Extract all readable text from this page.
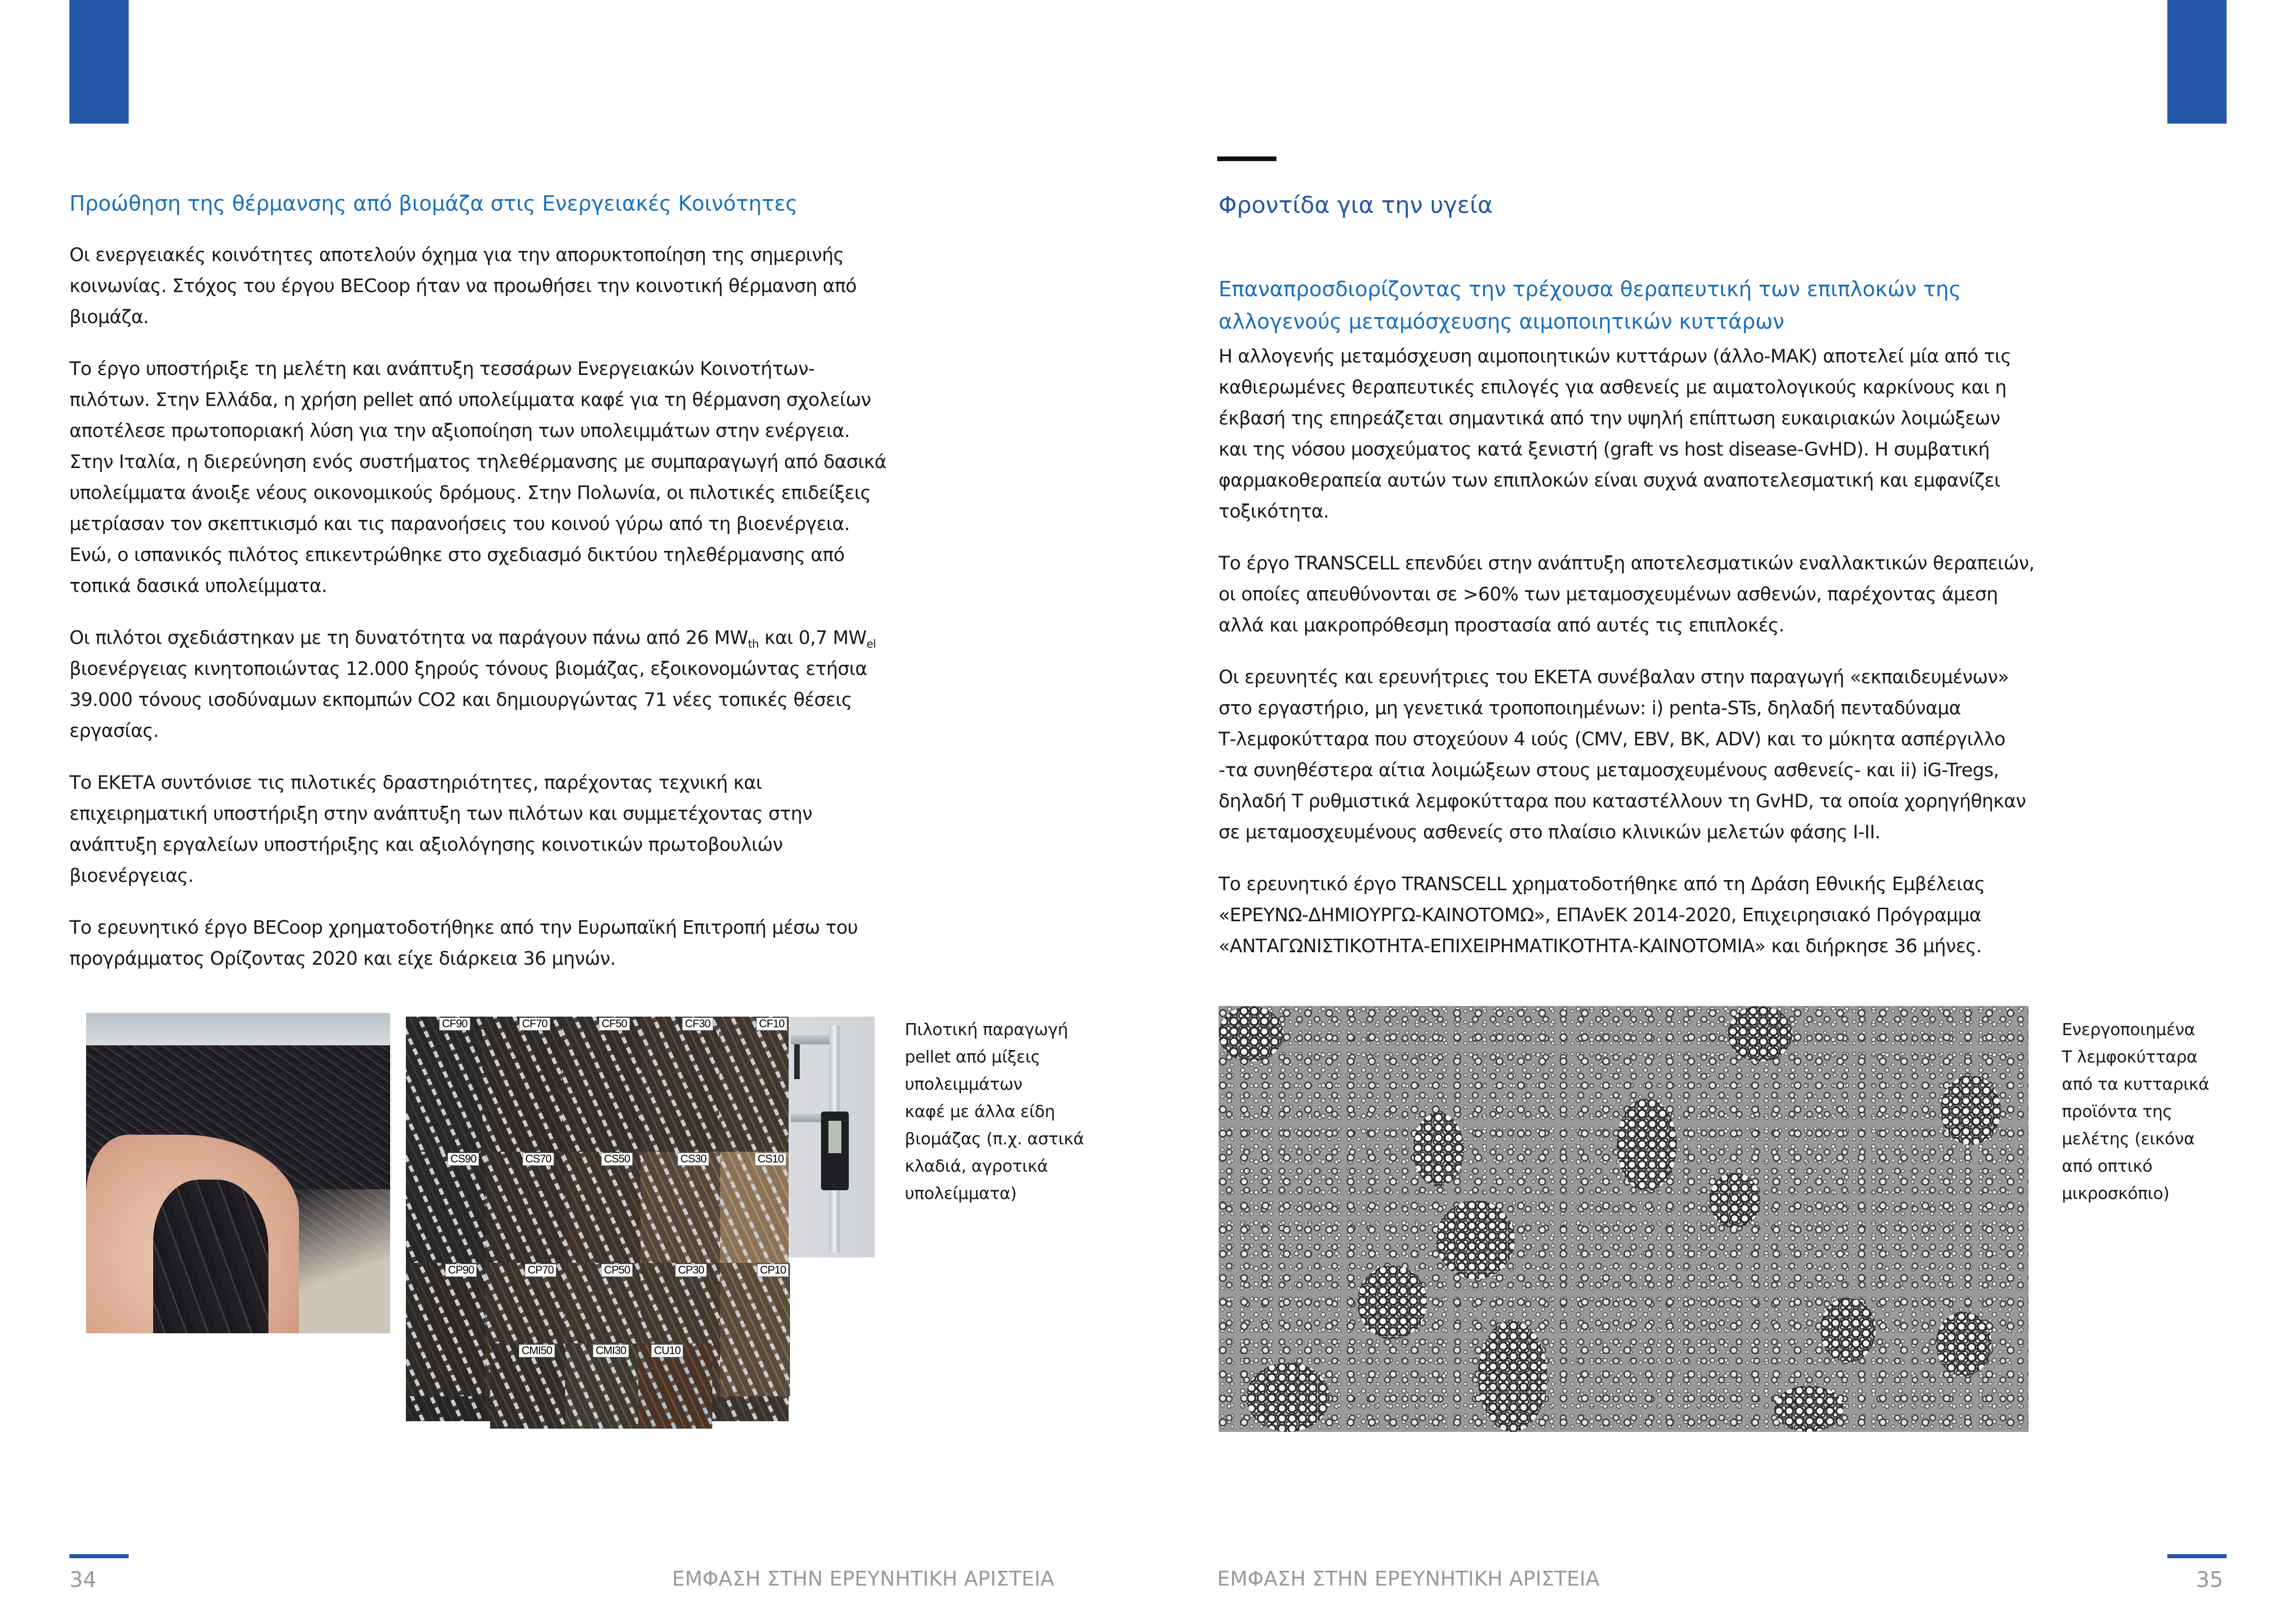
Προώθηση της θέρμανσης από βιομάζα στις Ενεργειακές Κοινότητες

Οι ενεργειακές κοινότητες αποτελούν όχημα για την απορυκτοποίηση της σημερινής
κοινωνίας. Στόχος του έργου BECoop ήταν να προωθήσει την κοινοτική θέρμανση από
βιομάζα.

Το έργο υποστήριξε τη μελέτη και ανάπτυξη τεσσάρων Ενεργειακών Κοινοτήτων-
πιλότων. Στην Ελλάδα, η χρήση pellet από υπολείμματα καφέ για τη θέρμανση σχολείων
αποτέλεσε πρωτοποριακή λύση για την αξιοποίηση των υπολειμμάτων στην ενέργεια.
Στην Ιταλία, η διερεύνηση ενός συστήματος τηλεθέρμανσης με συμπαραγωγή από δασικά
υπολείμματα άνοιξε νέους οικονομικούς δρόμους. Στην Πολωνία, οι πιλοτικές επιδείξεις
μετρίασαν τον σκεπτικισμό και τις παρανοήσεις του κοινού γύρω από τη βιοενέργεια.
Ενώ, ο ισπανικός πιλότος επικεντρώθηκε στο σχεδιασμό δικτύου τηλεθέρμανσης από
τοπικά δασικά υπολείμματα.

Οι πιλότοι σχεδιάστηκαν με τη δυνατότητα να παράγουν πάνω από 26 $MW_{th}$ και 0,7 $MW_{el}$
βιοενέργειας κινητοποιώντας 12.000 ξηρούς τόνους βιομάζας, εξοικονομώντας ετήσια
39.000 τόνους ισοδύναμων εκπομπών CO2 και δημιουργώντας 71 νέες τοπικές θέσεις
εργασίας.

Το ΕΚΕΤΑ συντόνισε τις πιλοτικές δραστηριότητες, παρέχοντας τεχνική και
επιχειρηματική υποστήριξη στην ανάπτυξη των πιλότων και συμμετέχοντας στην
ανάπτυξη εργαλείων υποστήριξης και αξιολόγησης κοινοτικών πρωτοβουλιών
βιοενέργειας.

Το ερευνητικό έργο BECoop χρηματοδοτήθηκε από την Ευρωπαϊκή Επιτροπή μέσω του
προγράμματος Ορίζοντας 2020 και είχε διάρκεια 36 μηνών.

CF90	CF70	CF50	CF30	CF10
CS90	CS70	CS50	CS30	CS10
CP90	CP70	CP50	CP30	CP10
CMI50	CMI30	CU10
Πιλοτική παραγωγή
pellet από μίξεις
υπολειμμάτων
καφέ με άλλα είδη
βιομάζας (π.χ. αστικά
κλαδιά, αγροτικά
υπολείμματα)
34	ΕΜΦΑΣΗ ΣΤΗΝ ΕΡΕΥΝΗΤΙΚΗ ΑΡΙΣΤΕΙΑ
Φροντίδα για την υγεία
Επαναπροσδιορίζοντας την τρέχουσα θεραπευτική των επιπλοκών της
αλλογενούς μεταμόσχευσης αιμοποιητικών κυττάρων

Η αλλογενής μεταμόσχευση αιμοποιητικών κυττάρων (άλλο-ΜΑΚ) αποτελεί μία από τις
καθιερωμένες θεραπευτικές επιλογές για ασθενείς με αιματολογικούς καρκίνους και η
έκβασή της επηρεάζεται σημαντικά από την υψηλή επίπτωση ευκαιριακών λοιμώξεων
και της νόσου μοσχεύματος κατά ξενιστή (graft vs host disease-GvHD). Η συμβατική
φαρμακοθεραπεία αυτών των επιπλοκών είναι συχνά αναποτελεσματική και εμφανίζει
τοξικότητα.

Το έργο TRANSCELL επενδύει στην ανάπτυξη αποτελεσματικών εναλλακτικών θεραπειών,
οι οποίες απευθύνονται σε >60% των μεταμοσχευμένων ασθενών, παρέχοντας άμεση
αλλά και μακροπρόθεσμη προστασία από αυτές τις επιπλοκές.

Οι ερευνητές και ερευνήτριες του ΕΚΕΤΑ συνέβαλαν στην παραγωγή «εκπαιδευμένων»
στο εργαστήριο, μη γενετικά τροποποιημένων: i) penta-STs, δηλαδή πενταδύναμα
Τ-λεμφοκύτταρα που στοχεύουν 4 ιούς (CMV, EBV, BK, ADV) και το μύκητα ασπέργιλλο
-τα συνηθέστερα αίτια λοιμώξεων στους μεταμοσχευμένους ασθενείς- και ii) iG-Tregs,
δηλαδή Τ ρυθμιστικά λεμφοκύτταρα που καταστέλλουν τη GvHD, τα οποία χορηγήθηκαν
σε μεταμοσχευμένους ασθενείς στο πλαίσιο κλινικών μελετών φάσης I-II.

Το ερευνητικό έργο TRANSCELL χρηματοδοτήθηκε από τη Δράση Εθνικής Εμβέλειας
«ΕΡΕΥΝΩ-ΔΗΜΙΟΥΡΓΩ-ΚΑΙΝΟΤΟΜΩ», ΕΠΑνΕΚ 2014-2020, Επιχειρησιακό Πρόγραμμα
«ΑΝΤΑΓΩΝΙΣΤΙΚΟΤΗΤΑ-ΕΠΙΧΕΙΡΗΜΑΤΙΚΟΤΗΤΑ-ΚΑΙΝΟΤΟΜΙΑ» και διήρκησε 36 μήνες.

Ενεργοποιημένα
Τ λεμφοκύτταρα
από τα κυτταρικά
προϊόντα της
μελέτης (εικόνα
από οπτικό
μικροσκόπιο)
ΕΜΦΑΣΗ ΣΤΗΝ ΕΡΕΥΝΗΤΙΚΗ ΑΡΙΣΤΕΙΑ	35
